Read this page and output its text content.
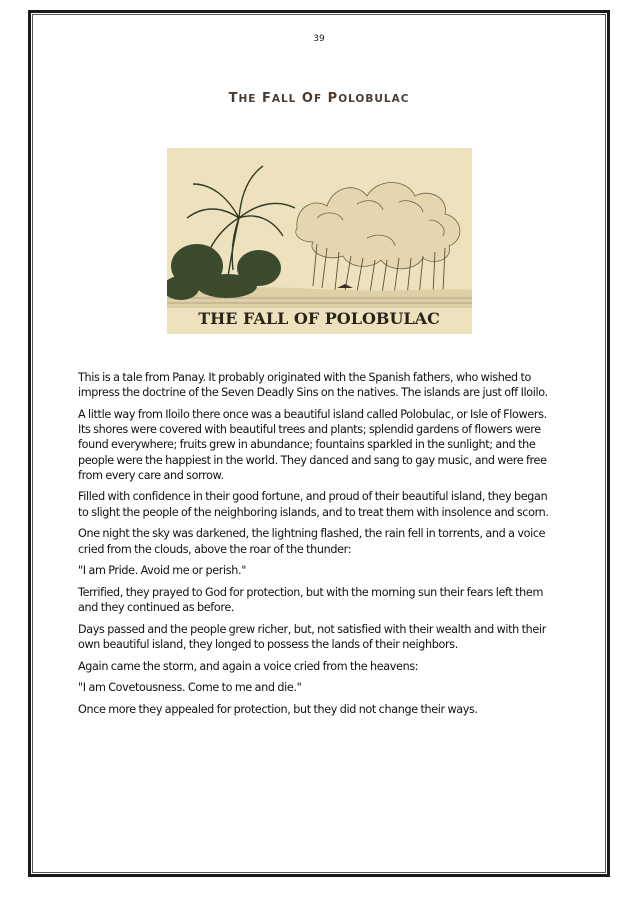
39
THE FALL OF POLOBULAC
THE FALL OF POLOBULAC

This is a tale from Panay. It probably originated with the Spanish fathers, who wished to impress the doctrine of the Seven Deadly Sins on the natives. The islands are just off Iloilo.

A little way from Iloilo there once was a beautiful island called Polobulac, or Isle of Flowers. Its shores were covered with beautiful trees and plants; splendid gardens of flowers were found everywhere; fruits grew in abundance; fountains sparkled in the sunlight; and the people were the happiest in the world. They danced and sang to gay music, and were free from every care and sorrow.

Filled with confidence in their good fortune, and proud of their beautiful island, they began to slight the people of the neighboring islands, and to treat them with insolence and scorn.

One night the sky was darkened, the lightning flashed, the rain fell in torrents, and a voice cried from the clouds, above the roar of the thunder:

"I am Pride. Avoid me or perish."

Terrified, they prayed to God for protection, but with the morning sun their fears left them and they continued as before.

Days passed and the people grew richer, but, not satisfied with their wealth and with their own beautiful island, they longed to possess the lands of their neighbors.

Again came the storm, and again a voice cried from the heavens:

"I am Covetousness. Come to me and die."

Once more they appealed for protection, but they did not change their ways.
